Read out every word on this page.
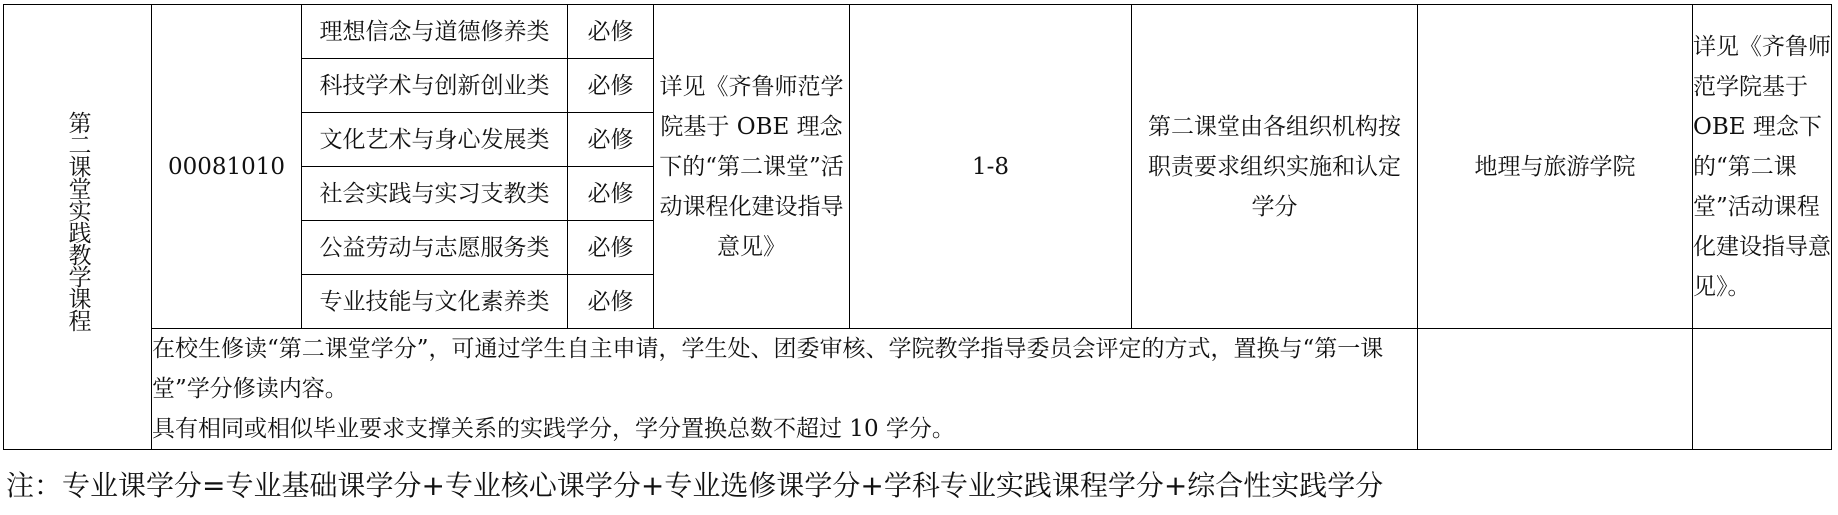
第二课堂实践教学课程	00081010	理想信念与道德修养类	必修	详见《齐鲁师范学院基于 OBE 理念下的“第二课堂”活动课程化建设指导意见》	1-8	第二课堂由各组织机构按职责要求组织实施和认定学分	地理与旅游学院	详见《齐鲁师范学院基于 OBE 理念下的“第二课堂”活动课程化建设指导意见》。
		科技学术与创新创业类	必修					
		文化艺术与身心发展类	必修					
		社会实践与实习支教类	必修					
		公益劳动与志愿服务类	必修					
		专业技能与文化素养类	必修					

	在校生修读“第二课堂学分”，可通过学生自主申请，学生处、团委审核、学院教学指导委员会评定的方式，置换与“第一课堂”学分修读内容。
具有相同或相似毕业要求支撑关系的实践学分，学分置换总数不超过 10 学分。							

注：专业课学分=专业基础课学分+专业核心课学分+专业选修课学分+学科专业实践课程学分+综合性实践学分
